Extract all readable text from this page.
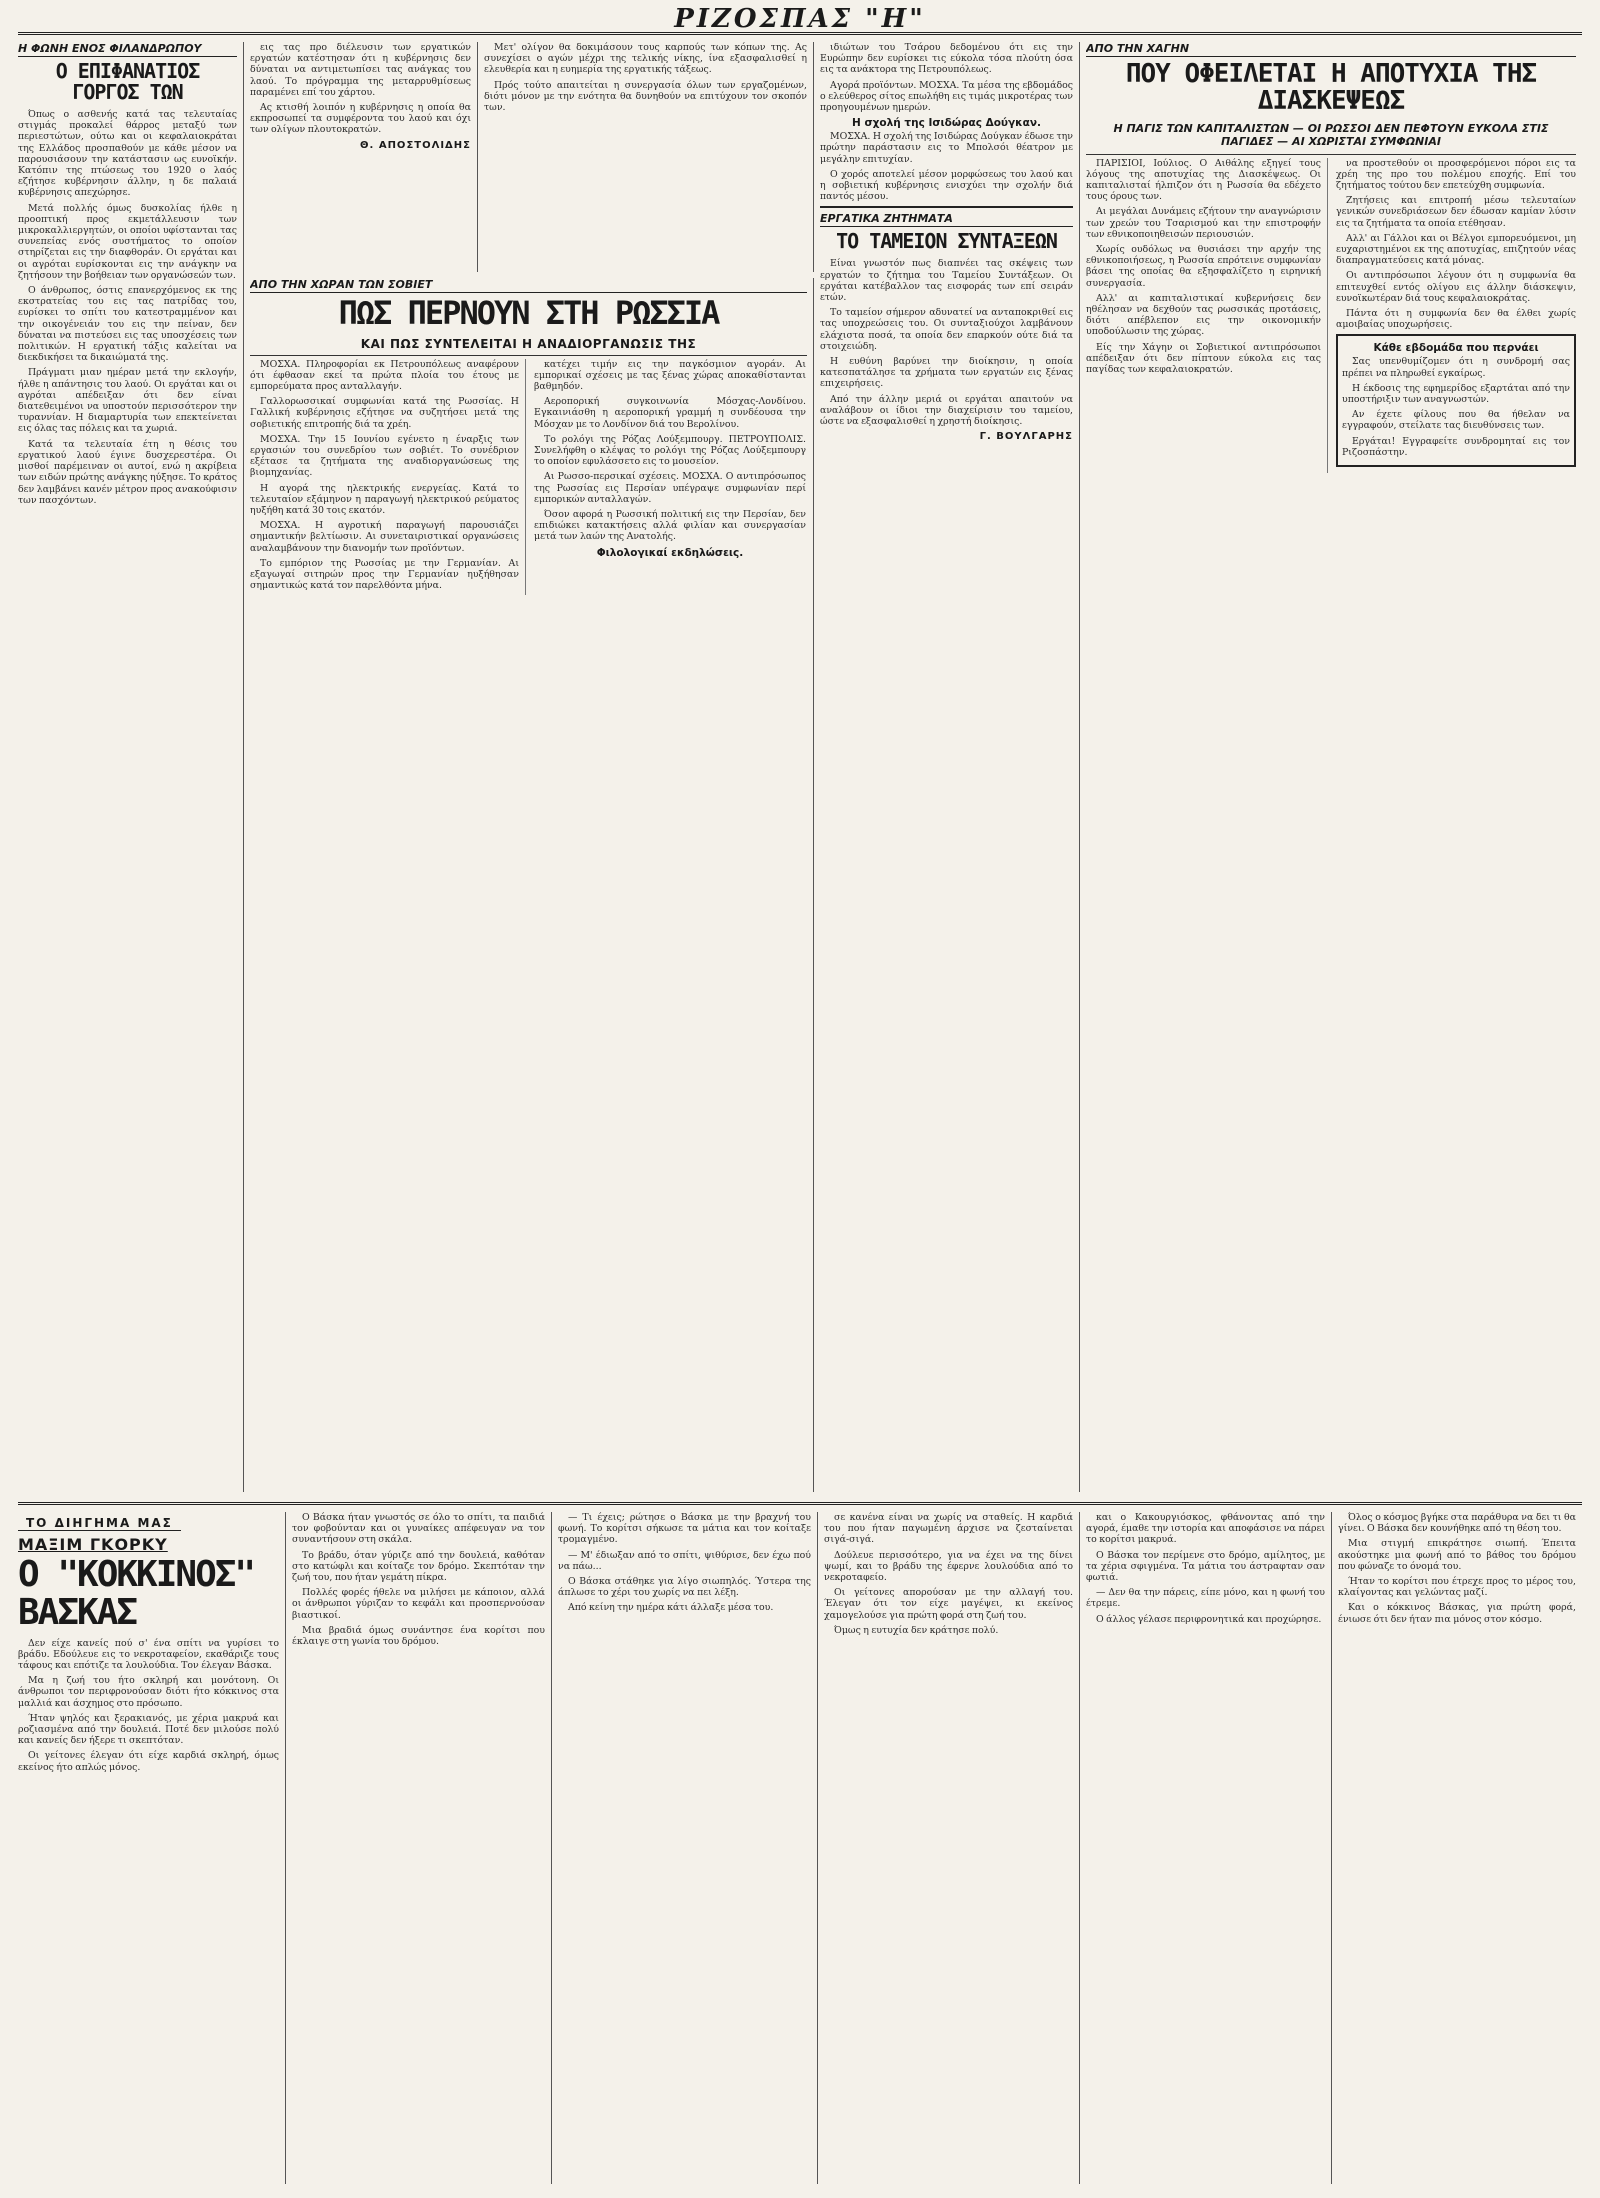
ΡΙΖΟΣΠΑΣ "Η"
Η ΦΩΝΗ ΕΝΟΣ ΦΙΛΑΝΔΡΩΠΟΥ
Ο ΕΠΙΦΑΝΑΤΙΟΣ ΓΟΡΓΟΣ ΤΩΝ

Όπως ο ασθενής κατά τας τελευταίας στιγμάς προκαλεί θάρρος μεταξύ των περιεστώτων, ούτω και οι κεφαλαιοκράται της Ελλάδος προσπαθούν με κάθε μέσον να παρουσιάσουν την κατάστασιν ως ευνοϊκήν. Κατόπιν της πτώσεως του 1920 ο λαός εζήτησε κυβέρνησιν άλλην, η δε παλαιά κυβέρνησις απεχώρησε.

Μετά πολλής όμως δυσκολίας ήλθε η προοπτική προς εκμετάλλευσιν των μικροκαλλιεργητών, οι οποίοι υφίστανται τας συνεπείας ενός συστήματος το οποίον στηρίζεται εις την διαφθοράν. Οι εργάται και οι αγρόται ευρίσκονται εις την ανάγκην να ζητήσουν την βοήθειαν των οργανώσεών των.

Ο άνθρωπος, όστις επανερχόμενος εκ της εκστρατείας του εις τας πατρίδας του, ευρίσκει το σπίτι του κατεστραμμένον και την οικογένειάν του εις την πείναν, δεν δύναται να πιστεύσει εις τας υποσχέσεις των πολιτικών. Η εργατική τάξις καλείται να διεκδικήσει τα δικαιώματά της.

Πράγματι μιαν ημέραν μετά την εκλογήν, ήλθε η απάντησις του λαού. Οι εργάται και οι αγρόται απέδειξαν ότι δεν είναι διατεθειμένοι να υποστούν περισσότερον την τυραννίαν. Η διαμαρτυρία των επεκτείνεται εις όλας τας πόλεις και τα χωριά.

Κατά τα τελευταία έτη η θέσις του εργατικού λαού έγινε δυσχερεστέρα. Οι μισθοί παρέμειναν οι αυτοί, ενώ η ακρίβεια των ειδών πρώτης ανάγκης ηύξησε. Το κράτος δεν λαμβάνει κανέν μέτρον προς ανακούφισιν των πασχόντων.

εις τας προ διέλευσιν των εργατικών εργατών κατέστησαν ότι η κυβέρνησις δεν δύναται να αντιμετωπίσει τας ανάγκας του λαού. Το πρόγραμμα της μεταρρυθμίσεως παραμένει επί του χάρτου.

Ας κτισθή λοιπόν η κυβέρνησις η οποία θα εκπροσωπεί τα συμφέροντα του λαού και όχι των ολίγων πλουτοκρατών.

Θ. ΑΠΟΣΤΟΛΙΔΗΣ

Μετ' ολίγον θα δοκιμάσουν τους καρπούς των κόπων της. Ας συνεχίσει ο αγών μέχρι της τελικής νίκης, ίνα εξασφαλισθεί η ελευθερία και η ευημερία της εργατικής τάξεως.

Πρός τούτο απαιτείται η συνεργασία όλων των εργαζομένων, διότι μόνον με την ενότητα θα δυνηθούν να επιτύχουν τον σκοπόν των.

ΑΠΟ ΤΗΝ ΧΩΡΑΝ ΤΩΝ ΣΟΒΙΕΤ
ΠΩΣ ΠΕΡΝΟΥΝ ΣΤΗ ΡΩΣΣΙΑ
ΚΑΙ ΠΩΣ ΣΥΝΤΕΛΕΙΤΑΙ Η ΑΝΑΔΙΟΡΓΑΝΩΣΙΣ ΤΗΣ

ΜΟΣΧΑ. Πληροφορίαι εκ Πετρουπόλεως αναφέρουν ότι έφθασαν εκεί τα πρώτα πλοία του έτους με εμπορεύματα προς ανταλλαγήν.

Γαλλορωσσικαί συμφωνίαι κατά της Ρωσσίας. Η Γαλλική κυβέρνησις εζήτησε να συζητήσει μετά της σοβιετικής επιτροπής διά τα χρέη.

ΜΟΣΧΑ. Την 15 Ιουνίου εγένετο η έναρξις των εργασιών του συνεδρίου των σοβιέτ. Το συνέδριον εξέτασε τα ζητήματα της αναδιοργανώσεως της βιομηχανίας.

Η αγορά της ηλεκτρικής ενεργείας. Κατά το τελευταίον εξάμηνον η παραγωγή ηλεκτρικού ρεύματος ηυξήθη κατά 30 τοις εκατόν.

ΜΟΣΧΑ. Η αγροτική παραγωγή παρουσιάζει σημαντικήν βελτίωσιν. Αι συνεταιριστικαί οργανώσεις αναλαμβάνουν την διανομήν των προϊόντων.

Το εμπόριον της Ρωσσίας με την Γερμανίαν. Αι εξαγωγαί σιτηρών προς την Γερμανίαν ηυξήθησαν σημαντικώς κατά τον παρελθόντα μήνα.

κατέχει τιμήν εις την παγκόσμιον αγοράν. Αι εμπορικαί σχέσεις με τας ξένας χώρας αποκαθίστανται βαθμηδόν.

Αεροπορική συγκοινωνία Μόσχας-Λονδίνου. Εγκαινιάσθη η αεροπορική γραμμή η συνδέουσα την Μόσχαν με το Λονδίνον διά του Βερολίνου.

Το ρολόγι της Ρόζας Λούξεμπουργ. ΠΕΤΡΟΥΠΟΛΙΣ. Συνελήφθη ο κλέψας το ρολόγι της Ρόζας Λούξεμπουργ το οποίον εφυλάσσετο εις το μουσείον.

Αι Ρωσσο-περσικαί σχέσεις. ΜΟΣΧΑ. Ο αντιπρόσωπος της Ρωσσίας εις Περσίαν υπέγραψε συμφωνίαν περί εμπορικών ανταλλαγών.

Όσον αφορά η Ρωσσική πολιτική εις την Περσίαν, δεν επιδιώκει κατακτήσεις αλλά φιλίαν και συνεργασίαν μετά των λαών της Ανατολής.

Φιλολογικαί εκδηλώσεις.

ιδιώτων του Τσάρου δεδομένου ότι εις την Ευρώπην δεν ευρίσκει τις εύκολα τόσα πλούτη όσα εις τα ανάκτορα της Πετρουπόλεως.

Αγορά προϊόντων. ΜΟΣΧΑ. Τα μέσα της εβδομάδος ο ελεύθερος σίτος επωλήθη εις τιμάς μικροτέρας των προηγουμένων ημερών.

Η σχολή της Ισιδώρας Δούγκαν.

ΜΟΣΧΑ. Η σχολή της Ισιδώρας Δούγκαν έδωσε την πρώτην παράστασιν εις το Μπολσόι θέατρον με μεγάλην επιτυχίαν.

Ο χορός αποτελεί μέσον μορφώσεως του λαού και η σοβιετική κυβέρνησις ενισχύει την σχολήν διά παντός μέσου.

ΕΡΓΑΤΙΚΑ ΖΗΤΗΜΑΤΑ
ΤΟ ΤΑΜΕΙΟΝ ΣΥΝΤΑΞΕΩΝ

Είναι γνωστόν πως διαπνέει τας σκέψεις των εργατών το ζήτημα του Ταμείου Συντάξεων. Οι εργάται κατέβαλλον τας εισφοράς των επί σειράν ετών.

Το ταμείον σήμερον αδυνατεί να ανταποκριθεί εις τας υποχρεώσεις του. Οι συνταξιούχοι λαμβάνουν ελάχιστα ποσά, τα οποία δεν επαρκούν ούτε διά τα στοιχειώδη.

Η ευθύνη βαρύνει την διοίκησιν, η οποία κατεσπατάλησε τα χρήματα των εργατών εις ξένας επιχειρήσεις.

Από την άλλην μεριά οι εργάται απαιτούν να αναλάβουν οι ίδιοι την διαχείρισιν του ταμείου, ώστε να εξασφαλισθεί η χρηστή διοίκησις.

Γ. ΒΟΥΛΓΑΡΗΣ
ΑΠΟ ΤΗΝ ΧΑΓΗΝ
ΠΟΥ ΟΦΕΙΛΕΤΑΙ Η ΑΠΟΤΥΧΙΑ ΤΗΣ ΔΙΑΣΚΕΨΕΩΣ
Η ΠΑΓΙΣ ΤΩΝ ΚΑΠΙΤΑΛΙΣΤΩΝ — ΟΙ ΡΩΣΣΟΙ ΔΕΝ ΠΕΦΤΟΥΝ ΕΥΚΟΛΑ ΣΤΙΣ ΠΑΓΙΔΕΣ — ΑΙ ΧΩΡΙΣΤΑΙ ΣΥΜΦΩΝΙΑΙ

ΠΑΡΙΣΙΟΙ, Ιούλιος. Ο Αιθάλης εξηγεί τους λόγους της αποτυχίας της Διασκέψεως. Οι καπιταλισταί ήλπιζον ότι η Ρωσσία θα εδέχετο τους όρους των.

Αι μεγάλαι Δυνάμεις εζήτουν την αναγνώρισιν των χρεών του Τσαρισμού και την επιστροφήν των εθνικοποιηθεισών περιουσιών.

Χωρίς ουδόλως να θυσιάσει την αρχήν της εθνικοποιήσεως, η Ρωσσία επρότεινε συμφωνίαν βάσει της οποίας θα εξησφαλίζετο η ειρηνική συνεργασία.

Αλλ' αι καπιταλιστικαί κυβερνήσεις δεν ηθέλησαν να δεχθούν τας ρωσσικάς προτάσεις, διότι απέβλεπον εις την οικονομικήν υποδούλωσιν της χώρας.

Είς την Χάγην οι Σοβιετικοί αντιπρόσωποι απέδειξαν ότι δεν πίπτουν εύκολα εις τας παγίδας των κεφαλαιοκρατών.

να προστεθούν οι προσφερόμενοι πόροι εις τα χρέη της προ του πολέμου εποχής. Επί του ζητήματος τούτου δεν επετεύχθη συμφωνία.

Ζητήσεις και επιτροπή μέσω τελευταίων γενικών συνεδριάσεων δεν έδωσαν καμίαν λύσιν εις τα ζητήματα τα οποία ετέθησαν.

Αλλ' αι Γάλλοι και οι Βέλγοι εμπορευόμενοι, μη ευχαριστημένοι εκ της αποτυχίας, επιζητούν νέας διαπραγματεύσεις κατά μόνας.

Οι αντιπρόσωποι λέγουν ότι η συμφωνία θα επιτευχθεί εντός ολίγου εις άλλην διάσκεψιν, ευνοϊκωτέραν διά τους κεφαλαιοκράτας.

Πάντα ότι η συμφωνία δεν θα έλθει χωρίς αμοιβαίας υποχωρήσεις.

Κάθε εβδομάδα που περνάει

Σας υπενθυμίζομεν ότι η συνδρομή σας πρέπει να πληρωθεί εγκαίρως.

Η έκδοσις της εφημερίδος εξαρτάται από την υποστήριξιν των αναγνωστών.

Αν έχετε φίλους που θα ήθελαν να εγγραφούν, στείλατε τας διευθύνσεις των.

Εργάται! Εγγραφείτε συνδρομηταί εις τον Ριζοσπάστην.

ΤΟ ΔΙΗΓΗΜΑ ΜΑΣ
ΜΑΞΙΜ ΓΚΟΡΚΥ
Ο "ΚΟΚΚΙΝΟΣ" ΒΑΣΚΑΣ

Δεν είχε κανείς πού σ' ένα σπίτι να γυρίσει το βράδυ. Εδούλευε εις το νεκροταφείον, εκαθάριζε τους τάφους και επότιζε τα λουλούδια. Τον έλεγαν Βάσκα.

Μα η ζωή του ήτο σκληρή και μονότονη. Οι άνθρωποι τον περιφρονούσαν διότι ήτο κόκκινος στα μαλλιά και άσχημος στο πρόσωπο.

Ήταν ψηλός και ξερακιανός, με χέρια μακρυά και ροζιασμένα από την δουλειά. Ποτέ δεν μιλούσε πολύ και κανείς δεν ήξερε τι σκεπτόταν.

Οι γείτονες έλεγαν ότι είχε καρδιά σκληρή, όμως εκείνος ήτο απλώς μόνος.

Ο Βάσκα ήταν γνωστός σε όλο το σπίτι, τα παιδιά τον φοβούνταν και οι γυναίκες απέφευγαν να τον συναντήσουν στη σκάλα.

Το βράδυ, όταν γύριζε από την δουλειά, καθόταν στο κατώφλι και κοίταζε τον δρόμο. Σκεπτόταν την ζωή του, που ήταν γεμάτη πίκρα.

Πολλές φορές ήθελε να μιλήσει με κάποιον, αλλά οι άνθρωποι γύριζαν το κεφάλι και προσπερνούσαν βιαστικοί.

Μια βραδιά όμως συνάντησε ένα κορίτσι που έκλαιγε στη γωνία του δρόμου.

— Τι έχεις; ρώτησε ο Βάσκα με την βραχνή του φωνή. Το κορίτσι σήκωσε τα μάτια και τον κοίταξε τρομαγμένο.

— Μ' έδιωξαν από το σπίτι, ψιθύρισε, δεν έχω πού να πάω...

Ο Βάσκα στάθηκε για λίγο σιωπηλός. Ύστερα της άπλωσε το χέρι του χωρίς να πει λέξη.

Από κείνη την ημέρα κάτι άλλαξε μέσα του.

σε κανένα είναι να χωρίς να σταθείς. Η καρδιά του που ήταν παγωμένη άρχισε να ζεσταίνεται σιγά-σιγά.

Δούλευε περισσότερο, για να έχει να της δίνει ψωμί, και το βράδυ της έφερνε λουλούδια από το νεκροταφείο.

Οι γείτονες απορούσαν με την αλλαγή του. Έλεγαν ότι τον είχε μαγέψει, κι εκείνος χαμογελούσε για πρώτη φορά στη ζωή του.

Όμως η ευτυχία δεν κράτησε πολύ.

και ο Κακουργιόσκος, φθάνοντας από την αγορά, έμαθε την ιστορία και αποφάσισε να πάρει το κορίτσι μακρυά.

Ο Βάσκα τον περίμενε στο δρόμο, αμίλητος, με τα χέρια σφιγμένα. Τα μάτια του άστραφταν σαν φωτιά.

— Δεν θα την πάρεις, είπε μόνο, και η φωνή του έτρεμε.

Ο άλλος γέλασε περιφρονητικά και προχώρησε.

Όλος ο κόσμος βγήκε στα παράθυρα να δει τι θα γίνει. Ο Βάσκα δεν κουνήθηκε από τη θέση του.

Μια στιγμή επικράτησε σιωπή. Έπειτα ακούστηκε μια φωνή από το βάθος του δρόμου που φώναζε το όνομά του.

Ήταν το κορίτσι που έτρεχε προς το μέρος του, κλαίγοντας και γελώντας μαζί.

Και ο κόκκινος Βάσκας, για πρώτη φορά, ένιωσε ότι δεν ήταν πια μόνος στον κόσμο.
